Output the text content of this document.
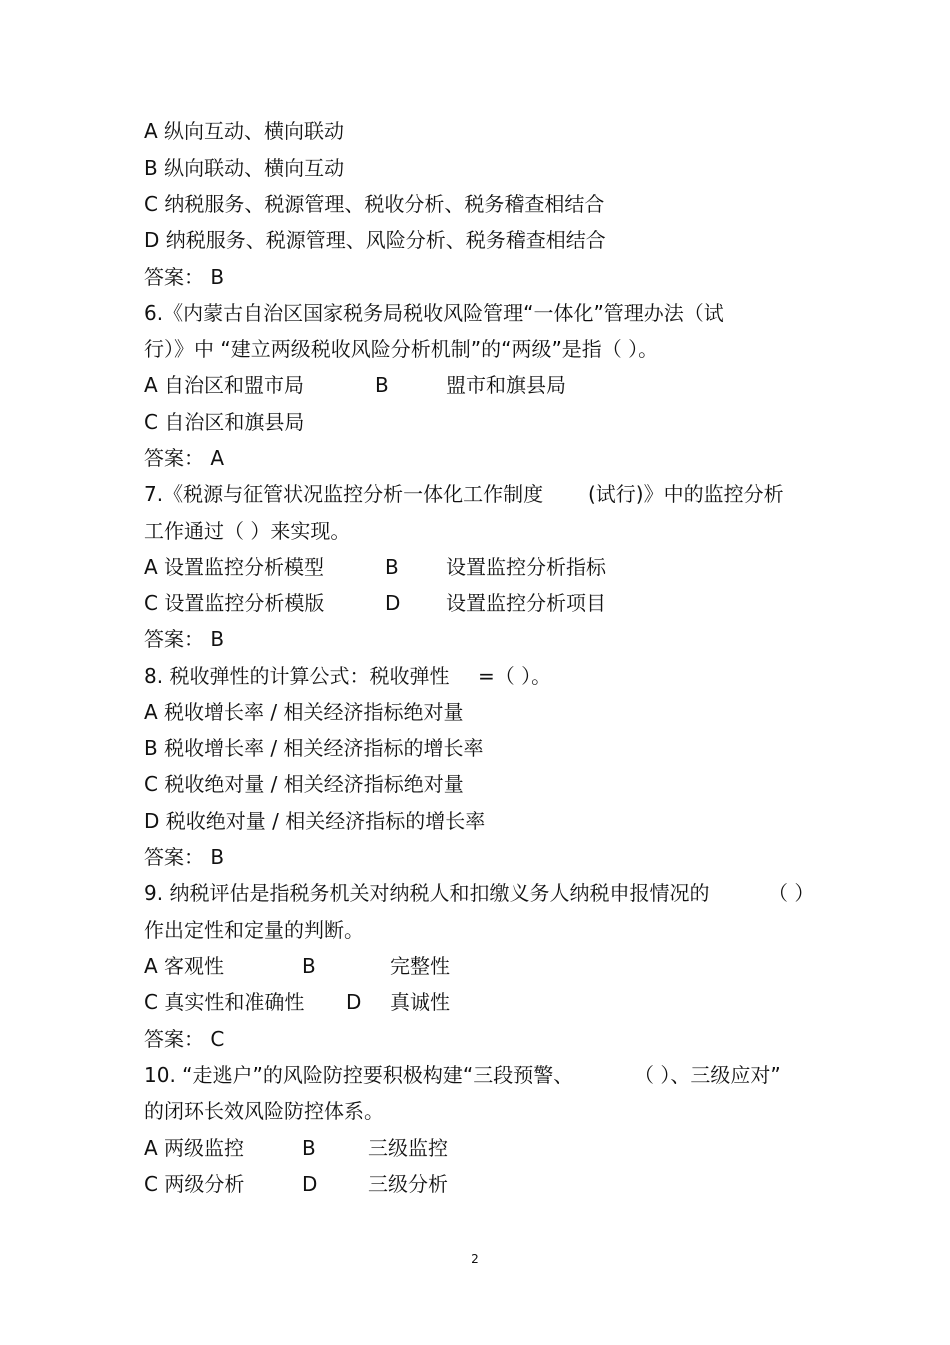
A 纵向互动、横向联动
B 纵向联动、横向互动
C 纳税服务、税源管理、税收分析、税务稽查相结合
D 纳税服务、税源管理、风险分析、税务稽查相结合
答案： B
6.《内蒙古自治区国家税务局税收风险管理“一体化”管理办法（试
行）》中 “建立两级税收风险分析机制”的“两级”是指（ ）。
A 自治区和盟市局	B	盟市和旗县局
C 自治区和旗县局
答案： A
7.《税源与征管状况监控分析一体化工作制度 (试行)》中的监控分析
工作通过（ ）来实现。
A 设置监控分析模型	B 设置监控分析指标
C 设置监控分析模版	D 设置监控分析项目
答案： B
8. 税收弹性的计算公式：税收弹性 =（ ）。
A 税收增长率 / 相关经济指标绝对量
B 税收增长率 / 相关经济指标的增长率
C 税收绝对量 / 相关经济指标绝对量
D 税收绝对量 / 相关经济指标的增长率
答案： B
9. 纳税评估是指税务机关对纳税人和扣缴义务人纳税申报情况的	（ ）
作出定性和定量的判断。
A 客观性	B	完整性
C 真实性和准确性 D 真诚性
答案： C
10. “走逃户”的风险防控要积极构建“三段预警、	（ ）、三级应对”
的闭环长效风险防控体系。
A 两级监控	B	三级监控
C 两级分析	D	三级分析
2
